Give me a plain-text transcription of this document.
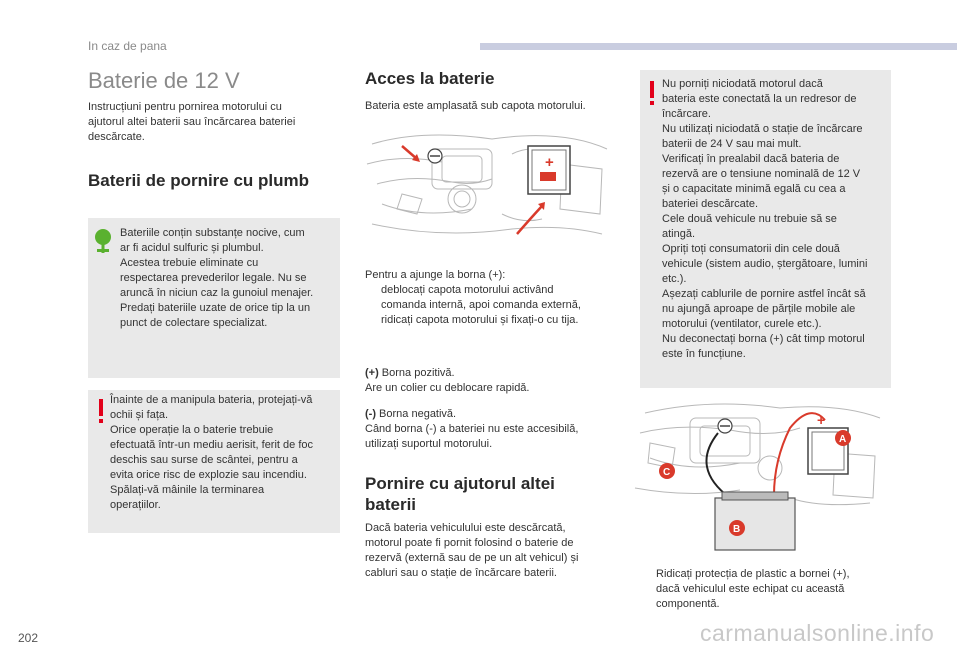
In caz de pana
Baterie de 12 V
Instrucțiuni pentru pornirea motorului cu
ajutorul altei baterii sau încărcarea bateriei
descărcate.
Baterii de pornire cu plumb
Bateriile conțin substanțe nocive, cum
ar fi acidul sulfuric și plumbul.
Acestea trebuie eliminate cu
respectarea prevederilor legale. Nu se
aruncă în niciun caz la gunoiul menajer.
Predați bateriile uzate de orice tip la un
punct de colectare specializat.
Înainte de a manipula bateria, protejați-vă
ochii și fața.
Orice operație la o baterie trebuie
efectuată într-un mediu aerisit, ferit de foc
deschis sau surse de scântei, pentru a
evita orice risc de explozie sau incendiu.
Spălați-vă mâinile la terminarea
operațiilor.
Acces la baterie
Bateria este amplasată sub capota motorului.
+
Pentru a ajunge la borna (+):
deblocați capota motorului activând
comanda internă, apoi comanda externă,
ridicați capota motorului și fixați-o cu tija.
(+) Borna pozitivă.
Are un colier cu deblocare rapidă.
(-) Borna negativă.
Când borna (-) a bateriei nu este accesibilă,
utilizați suportul motorului.
Pornire cu ajutorul altei
baterii
Dacă bateria vehiculului este descărcată,
motorul poate fi pornit folosind o baterie de
rezervă (externă sau de pe un alt vehicul) și
cabluri sau o stație de încărcare baterii.
Nu porniți niciodată motorul dacă
bateria este conectată la un redresor de
încărcare.
Nu utilizați niciodată o stație de încărcare
baterii de 24 V sau mai mult.
Verificați în prealabil dacă bateria de
rezervă are o tensiune nominală de 12 V
și o capacitate minimă egală cu cea a
bateriei descărcate.
Cele două vehicule nu trebuie să se
atingă.
Opriți toți consumatorii din cele două
vehicule (sistem audio, ștergătoare, lumini
etc.).
Așezați cablurile de pornire astfel încât să
nu ajungă aproape de părțile mobile ale
motorului (ventilator, curele etc.).
Nu deconectați borna (+) cât timp motorul
este în funcțiune.
+
A
B
C
Ridicați protecția de plastic a bornei (+),
dacă vehiculul este echipat cu această
componentă.
202	carmanualsonline.info
